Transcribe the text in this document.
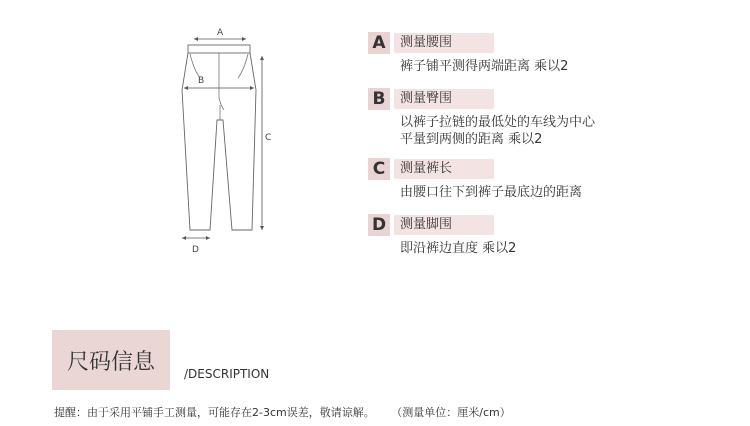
A
B
C
D
A	测量腰围
裤子铺平测得两端距离 乘以2
B	测量臀围
以裤子拉链的最低处的车线为中心
平量到两侧的距离 乘以2
C	测量裤长
由腰口往下到裤子最底边的距离
D	测量脚围
即沿裤边直度 乘以2
尺码信息 /DESCRIPTION
提醒：由于采用平铺手工测量，可能存在2-3cm误差，敬请谅解。 （测量单位：厘米/cm）
